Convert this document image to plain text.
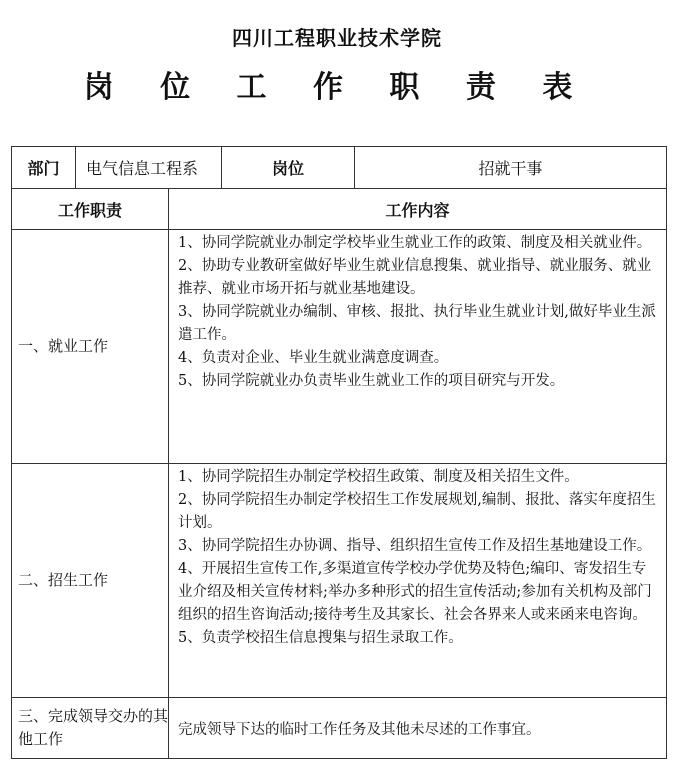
四川工程职业技术学院
岗 位 工 作 职 责 表
部门	电气信息工程系		岗位	招就干事
工作职责		工作内容		
一、就业工作		1、协同学院就业办制定学校毕业生就业工作的政策、制度及相关就业件。

2、协助专业教研室做好毕业生就业信息搜集、就业指导、就业服务、就业推荐、就业市场开拓与就业基地建设。

3、协同学院就业办编制、审核、报批、执行毕业生就业计划,做好毕业生派遣工作。

4、负责对企业、毕业生就业满意度调查。

5、协同学院就业办负责毕业生就业工作的项目研究与开发。		

二、招生工作		1、协同学院招生办制定学校招生政策、制度及相关招生文件。

2、协同学院招生办制定学校招生工作发展规划,编制、报批、落实年度招生计划。

3、协同学院招生办协调、指导、组织招生宣传工作及招生基地建设工作。

4、开展招生宣传工作,多渠道宣传学校办学优势及特色;编印、寄发招生专业介绍及相关宣传材料;举办多种形式的招生宣传活动;参加有关机构及部门组织的招生咨询活动;接待考生及其家长、社会各界来人或来函来电咨询。

5、负责学校招生信息搜集与招生录取工作。		

三、完成领导交办的其他工作		完成领导下达的临时工作任务及其他未尽述的工作事宜。		
